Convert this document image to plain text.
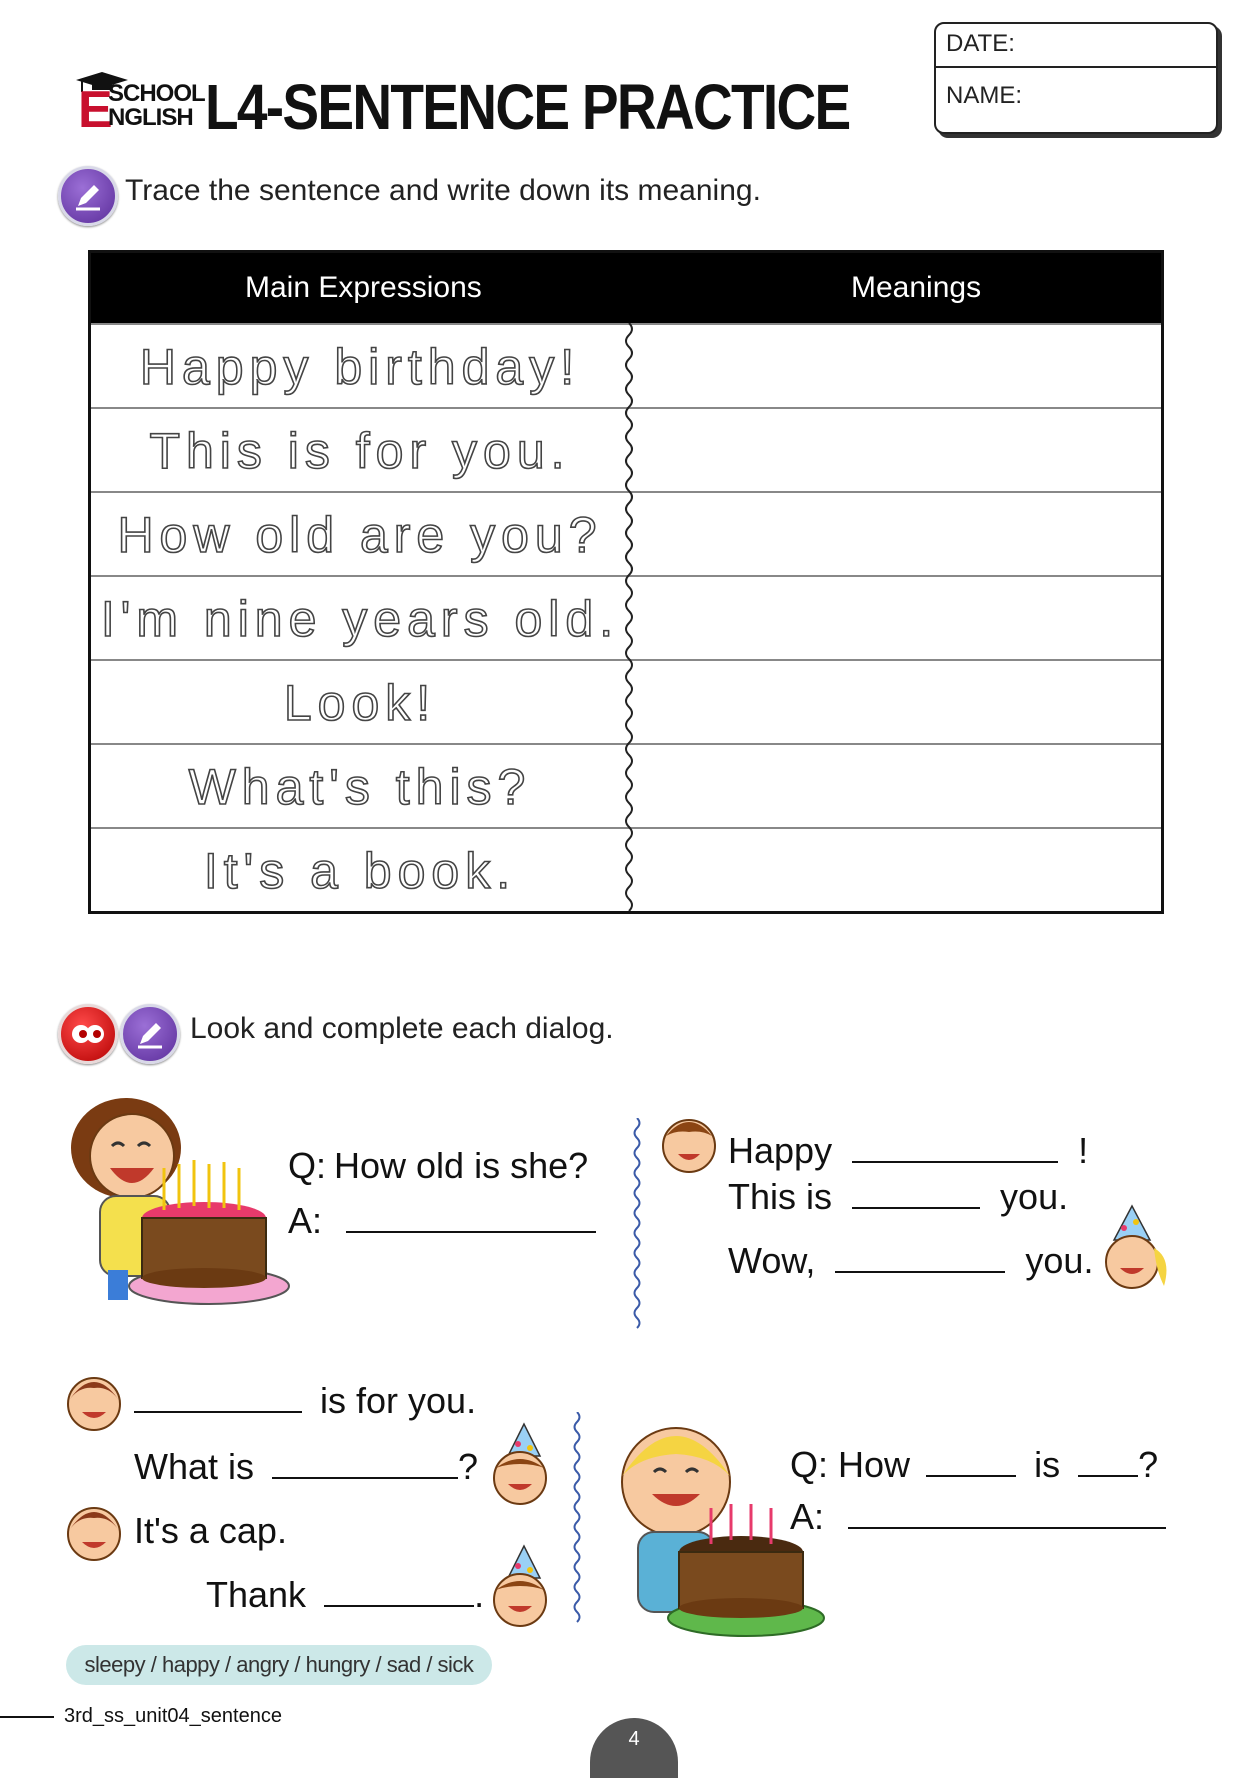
E
SCHOOL
NGLISH L4-SENTENCE PRACTICE
DATE:
NAME:
Trace the sentence and write down its meaning.
Main Expressions	Meanings
Happy birthday!
This is for you.
How old are you?
I'm nine years old.
Look!
What's this?
It's a book.
Look and complete each dialog.
Q: How old is she?
A:
Happy	!
This is	you.
Wow,	you.
is for you.
What is	?
It's a cap.
Thank	.
Q: How	is ?
A:
sleepy / happy / angry / hungry / sad / sick
3rd_ss_unit04_sentence
4
